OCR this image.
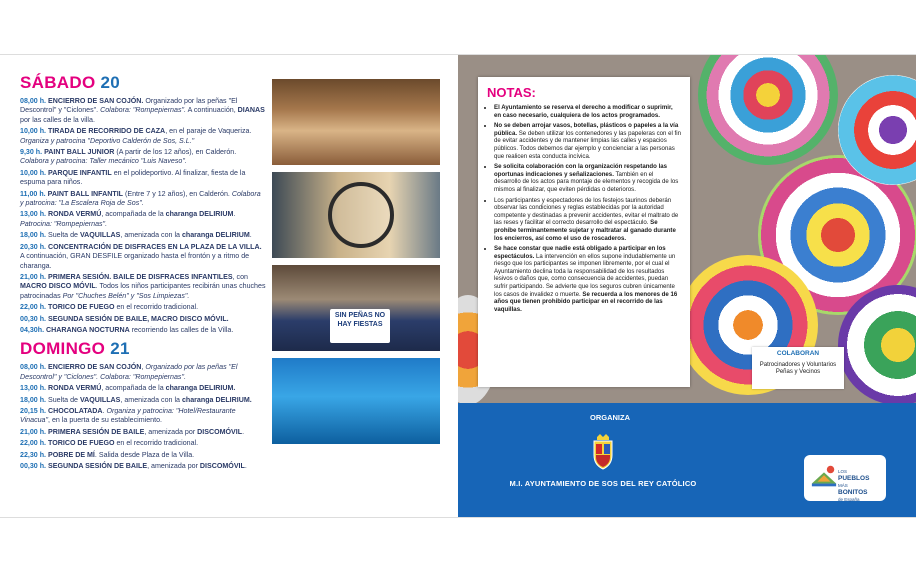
SÁBADO 20
08,00 h. ENCIERRO DE SAN COJÓN. Organizado por las peñas "El Descontrol" y "Ciclones". Colabora: "Rompepiernas". A continuación, DIANAS por las calles de la villa.
10,00 h. TIRADA DE RECORRIDO DE CAZA, en el paraje de Vaqueriza. Organiza y patrocina "Deportivo Calderón de Sos, S.L."
9,30 h. PAINT BALL JUNIOR (A partir de los 12 años), en Calderón. Colabora y patrocina: Taller mecánico "Luis Naveso".
10,00 h. PARQUE INFANTIL en el polideportivo. Al finalizar, fiesta de la espuma para niños.
11,00 h. PAINT BALL INFANTIL (Entre 7 y 12 años), en Calderón. Colabora y patrocina: "La Escalera Roja de Sos".
13,00 h. RONDA VERMÚ, acompañada de la charanga DELIRIUM. Patrocina: "Rompepiernas".
18,00 h. Suelta de VAQUILLAS, amenizada con la charanga DELIRIUM.
20,30 h. CONCENTRACIÓN DE DISFRACES EN LA PLAZA DE LA VILLA. A continuación, GRAN DESFILE organizado hasta el frontón y a ritmo de charanga.
21,00 h. PRIMERA SESIÓN. BAILE DE DISFRACES INFANTILES, con MACRO DISCO MÓVIL. Todos los niños participantes recibirán unas chuches patrocinadas Por "Chuches Belén" y "Sos Limpiezas".
22,00 h. TORICO DE FUEGO en el recorrido tradicional.
00,30 h. SEGUNDA SESIÓN DE BAILE, MACRO DISCO MÓVIL.
04,30h. CHARANGA NOCTURNA recorriendo las calles de la Villa.
DOMINGO 21
08,00 h. ENCIERRO DE SAN COJÓN, Organizado por las peñas "El Descontrol" y "Ciclones". Colabora: "Rompepiernas".
13,00 h. RONDA VERMÚ, acompañada de la charanga DELIRIUM.
18,00 h. Suelta de VAQUILLAS, amenizada con la charanga DELIRIUM.
20,15 h. CHOCOLATADA. Organiza y patrocina: "Hotel/Restaurante Vinacua", en la puerta de su establecimiento.
21,00 h. PRIMERA SESIÓN DE BAILE, amenizada por DISCOMÓVIL.
22,00 h. TORICO DE FUEGO en el recorrido tradicional.
22,30 h. POBRE DE MÍ. Salida desde Plaza de la Villa.
00,30 h. SEGUNDA SESIÓN DE BAILE, amenizada por DISCOMÓVIL.
SIN PEÑAS NO HAY FIESTAS
NOTAS:
• El Ayuntamiento se reserva el derecho a modificar o suprimir, en caso necesario, cualquiera de los actos programados.
• No se deben arrojar vasos, botellas, plásticos o papeles a la vía pública. Se deben utilizar los contenedores y las papeleras con el fin de evitar accidentes y de mantener limpias las calles y espacios públicos. Todos debemos dar ejemplo y concienciar a las personas que realicen esta conducta incívica.
• Se solicita colaboración con la organización respetando las oportunas indicaciones y señalizaciones. También en el desarrollo de los actos para montaje de elementos y recogida de los mismos al finalizar, que eviten pérdidas o deterioros.
• Los participantes y espectadores de los festejos taurinos deberán observar las condiciones y reglas establecidas por la autoridad competente y destinadas a prevenir accidentes, evitar el maltrato de las reses y facilitar el correcto desarrollo del espectáculo. Se prohíbe terminantemente sujetar y maltratar al ganado durante los encierros, así como el uso de roscaderos.
• Se hace constar que nadie está obligado a participar en los espectáculos. La intervención en ellos supone indudablemente un riesgo que los participantes se imponen libremente, por el cual el Ayuntamiento declina toda la responsabilidad de los resultados lesivos o daños que, como consecuencia de accidentes, puedan sufrir participando. Se advierte que los seguros cubren únicamente los casos de invalidez o muerte. Se recuerda a los menores de 16 años que tienen prohibido participar en el recorrido de las vaquillas.
COLABORAN
Patrocinadores y Voluntarios
Peñas y Vecinos
ORGANIZA
M.I. AYUNTAMIENTO DE SOS DEL REY CATÓLICO
LOS
PUEBLOS
MÁS
BONITOS
de España
